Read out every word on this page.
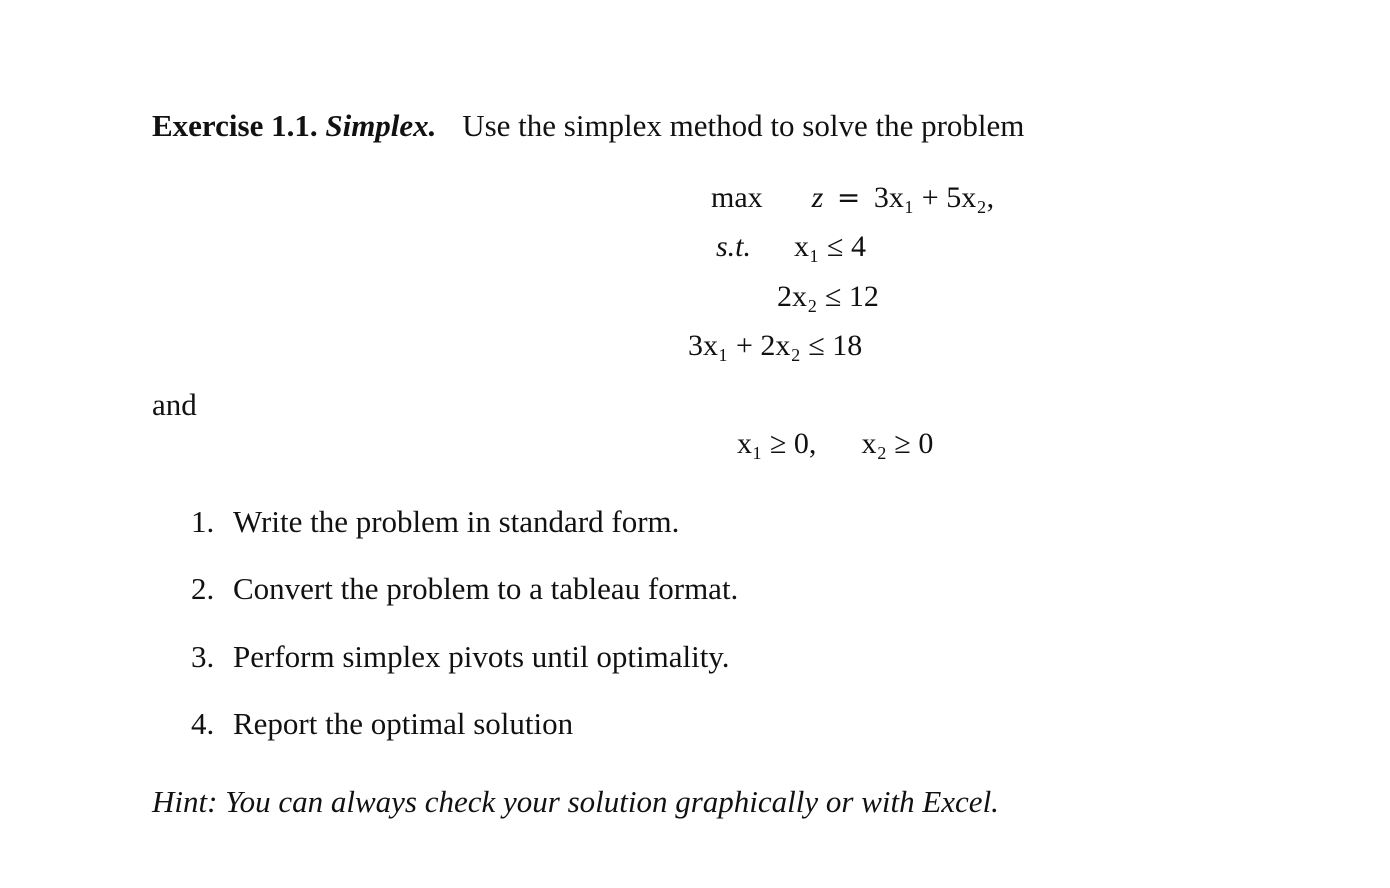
Exercise 1.1. Simplex. Use the simplex method to solve the problem
max z = 3x₁ + 5x₂,
s.t. x₁ ≤ 4
2x₂ ≤ 12
3x₁ + 2x₂ ≤ 18
and
x₁ ≥ 0, x₂ ≥ 0
1. Write the problem in standard form.
2. Convert the problem to a tableau format.
3. Perform simplex pivots until optimality.
4. Report the optimal solution
Hint: You can always check your solution graphically or with Excel.
